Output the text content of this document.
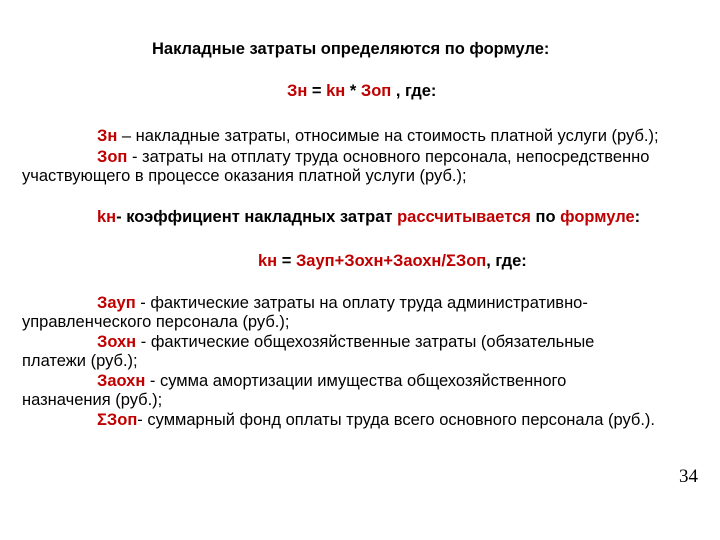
Накладные затраты определяются по формуле:
Зн = kн * Зоп , где:
Зн – накладные затраты, относимые на стоимость платной услуги (руб.);
Зоп - затраты на отплату труда основного персонала, непосредственно
участвующего в процессе оказания платной услуги (руб.);
kн- коэффициент накладных затрат рассчитывается по формуле:
kн = Зауп+Зохн+Заохн/ΣЗоп, где:
Зауп - фактические затраты на оплату труда административно-
управленческого персонала (руб.);
Зохн - фактические общехозяйственные затраты (обязательные
платежи (руб.);
Заохн - сумма амортизации имущества общехозяйственного
назначения (руб.);
ΣЗоп- суммарный фонд оплаты труда всего основного персонала (руб.).
34
